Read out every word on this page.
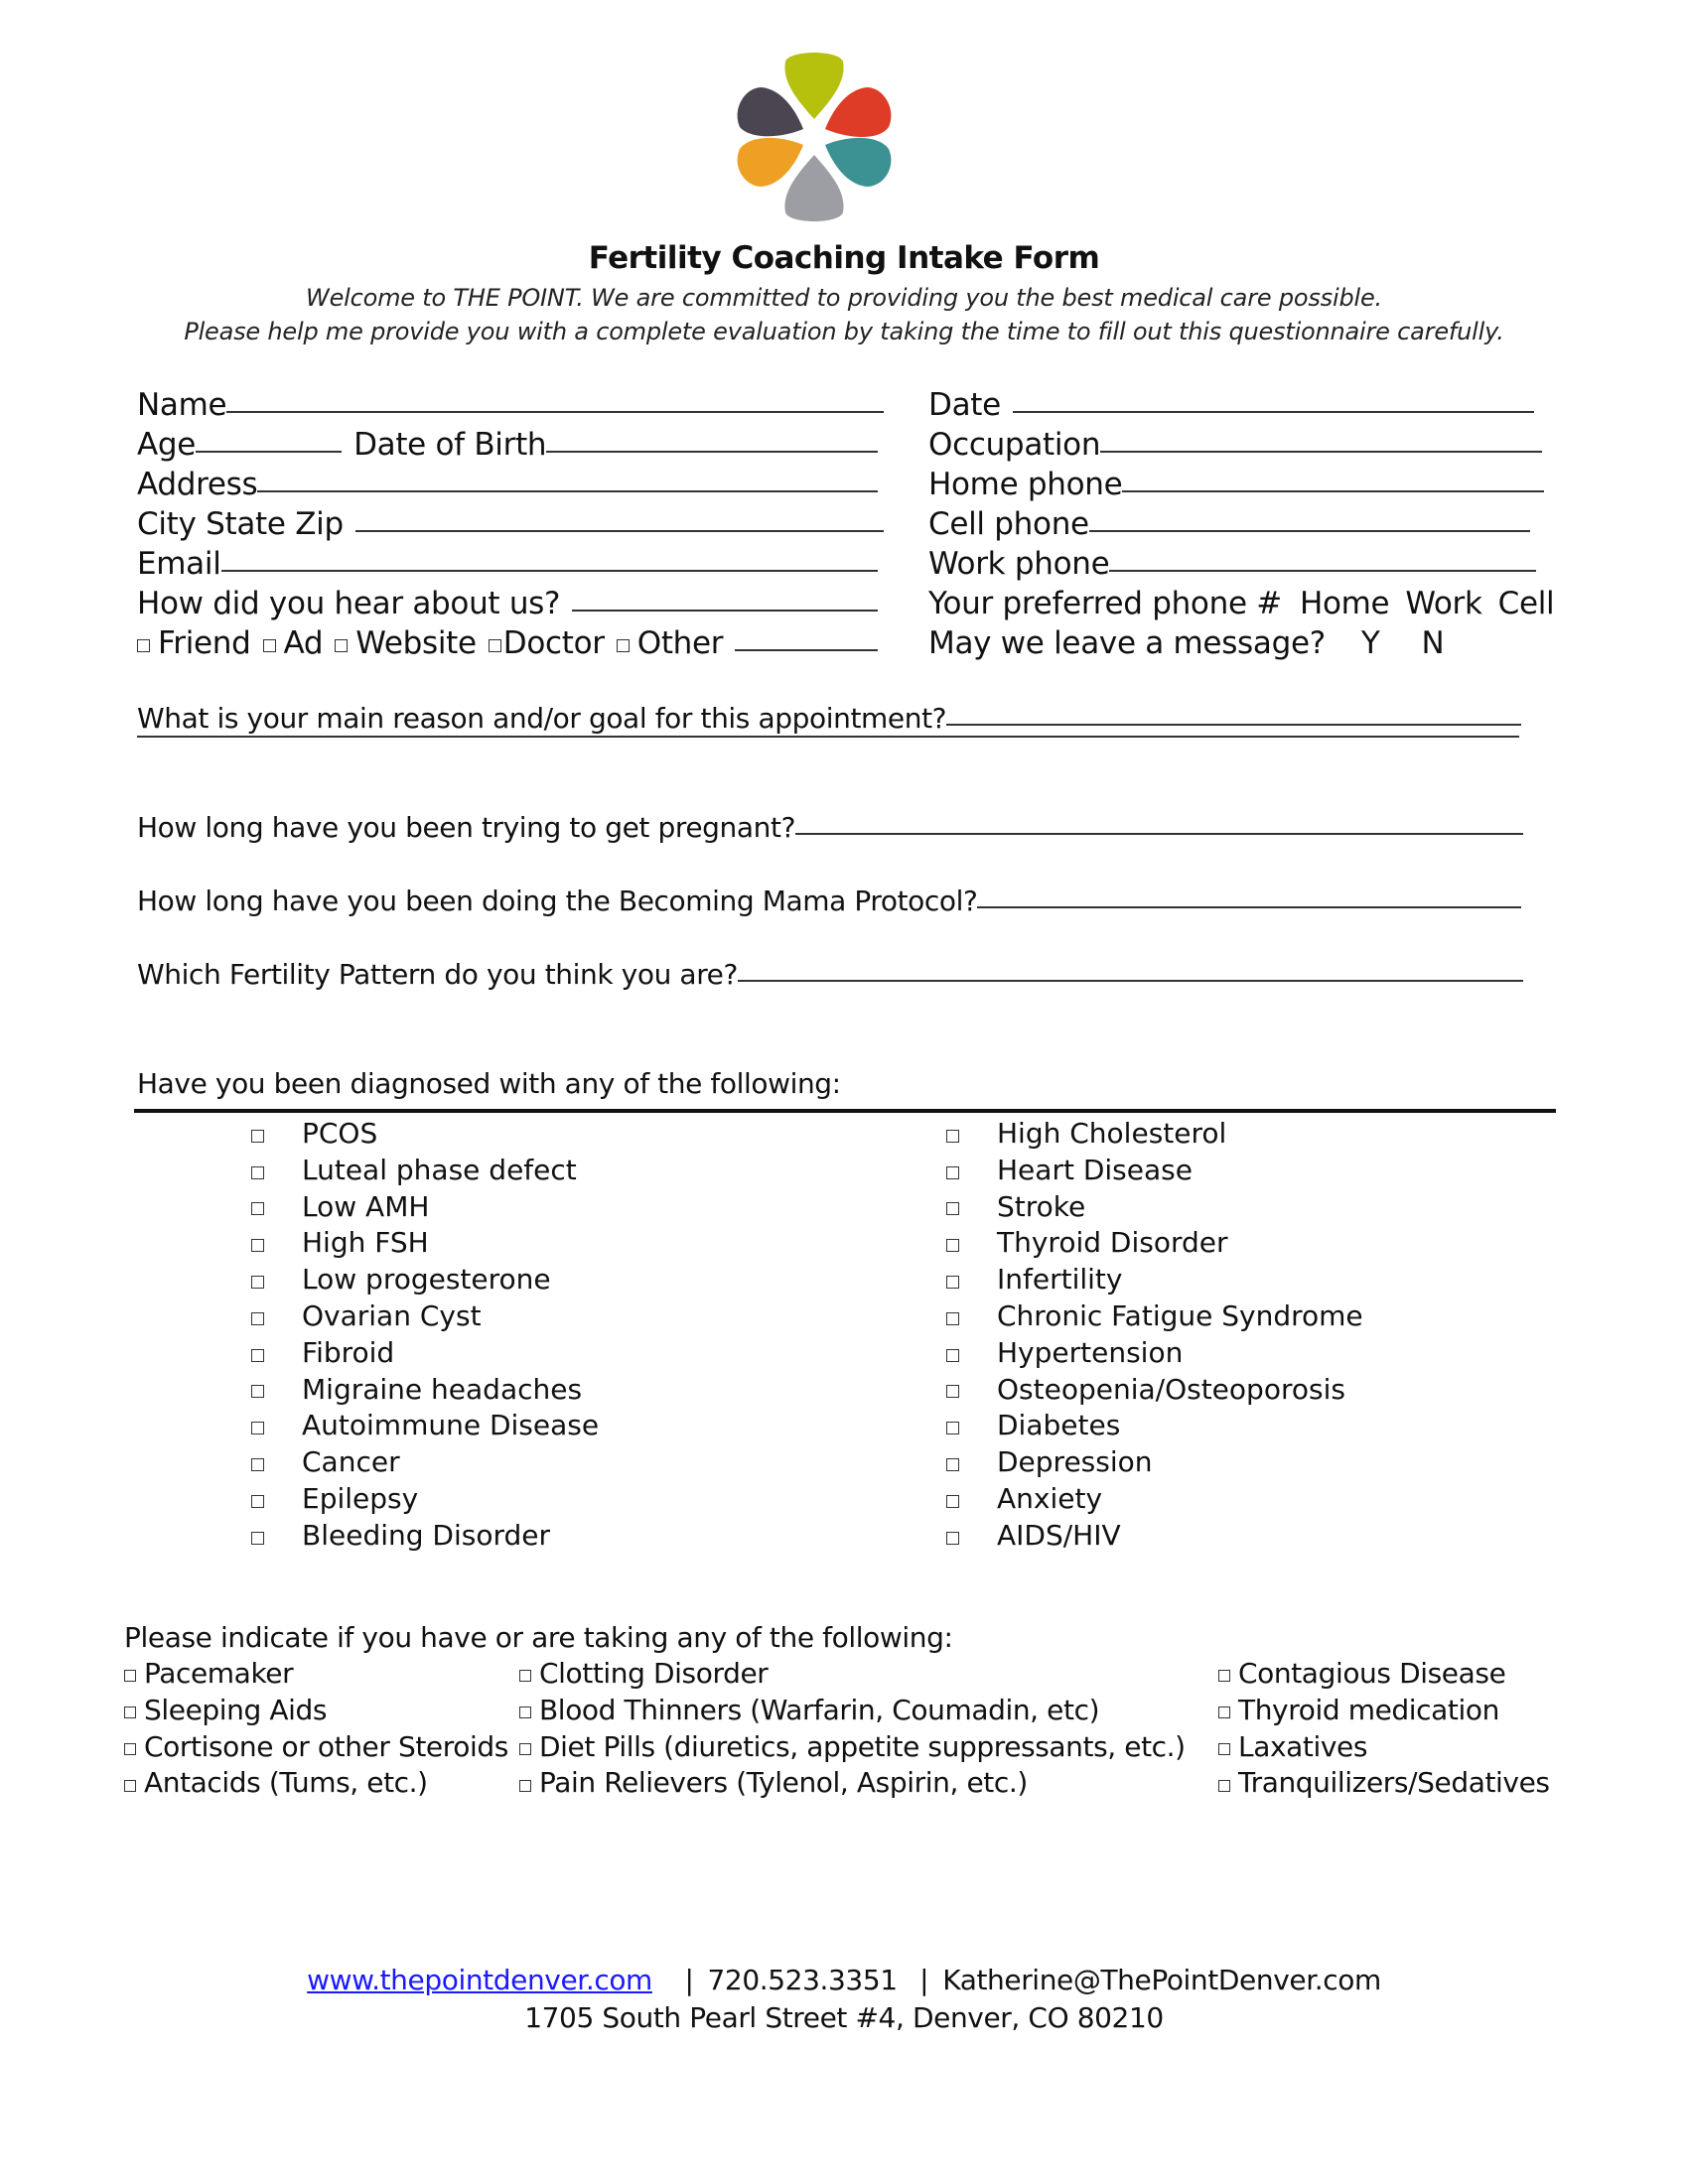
Fertility Coaching Intake Form
Welcome to THE POINT. We are committed to providing you the best medical care possible.
Please help me provide you with a complete evaluation by taking the time to fill out this questionnaire carefully.
Name
Age	Date of Birth
Address
City State Zip
Email
How did you hear about us?
Friend Ad Website Doctor Other
Date
Occupation
Home phone
Cell phone
Work phone
Your preferred phone # Home Work Cell
May we leave a message? Y N
What is your main reason and/or goal for this appointment?
How long have you been trying to get pregnant?
How long have you been doing the Becoming Mama Protocol?
Which Fertility Pattern do you think you are?
Have you been diagnosed with any of the following:
PCOS
Luteal phase defect
Low AMH
High FSH
Low progesterone
Ovarian Cyst
Fibroid
Migraine headaches
Autoimmune Disease
Cancer
Epilepsy
Bleeding Disorder
High Cholesterol
Heart Disease
Stroke
Thyroid Disorder
Infertility
Chronic Fatigue Syndrome
Hypertension
Osteopenia/Osteoporosis
Diabetes
Depression
Anxiety
AIDS/HIV
Please indicate if you have or are taking any of the following:
Pacemaker
Sleeping Aids
Cortisone or other Steroids
Antacids (Tums, etc.)
Clotting Disorder
Blood Thinners (Warfarin, Coumadin, etc)
Diet Pills (diuretics, appetite suppressants, etc.)
Pain Relievers (Tylenol, Aspirin, etc.)
Contagious Disease
Thyroid medication
Laxatives
Tranquilizers/Sedatives
www.thepointdenver.com | 720.523.3351 | Katherine@ThePointDenver.com
1705 South Pearl Street #4, Denver, CO 80210
